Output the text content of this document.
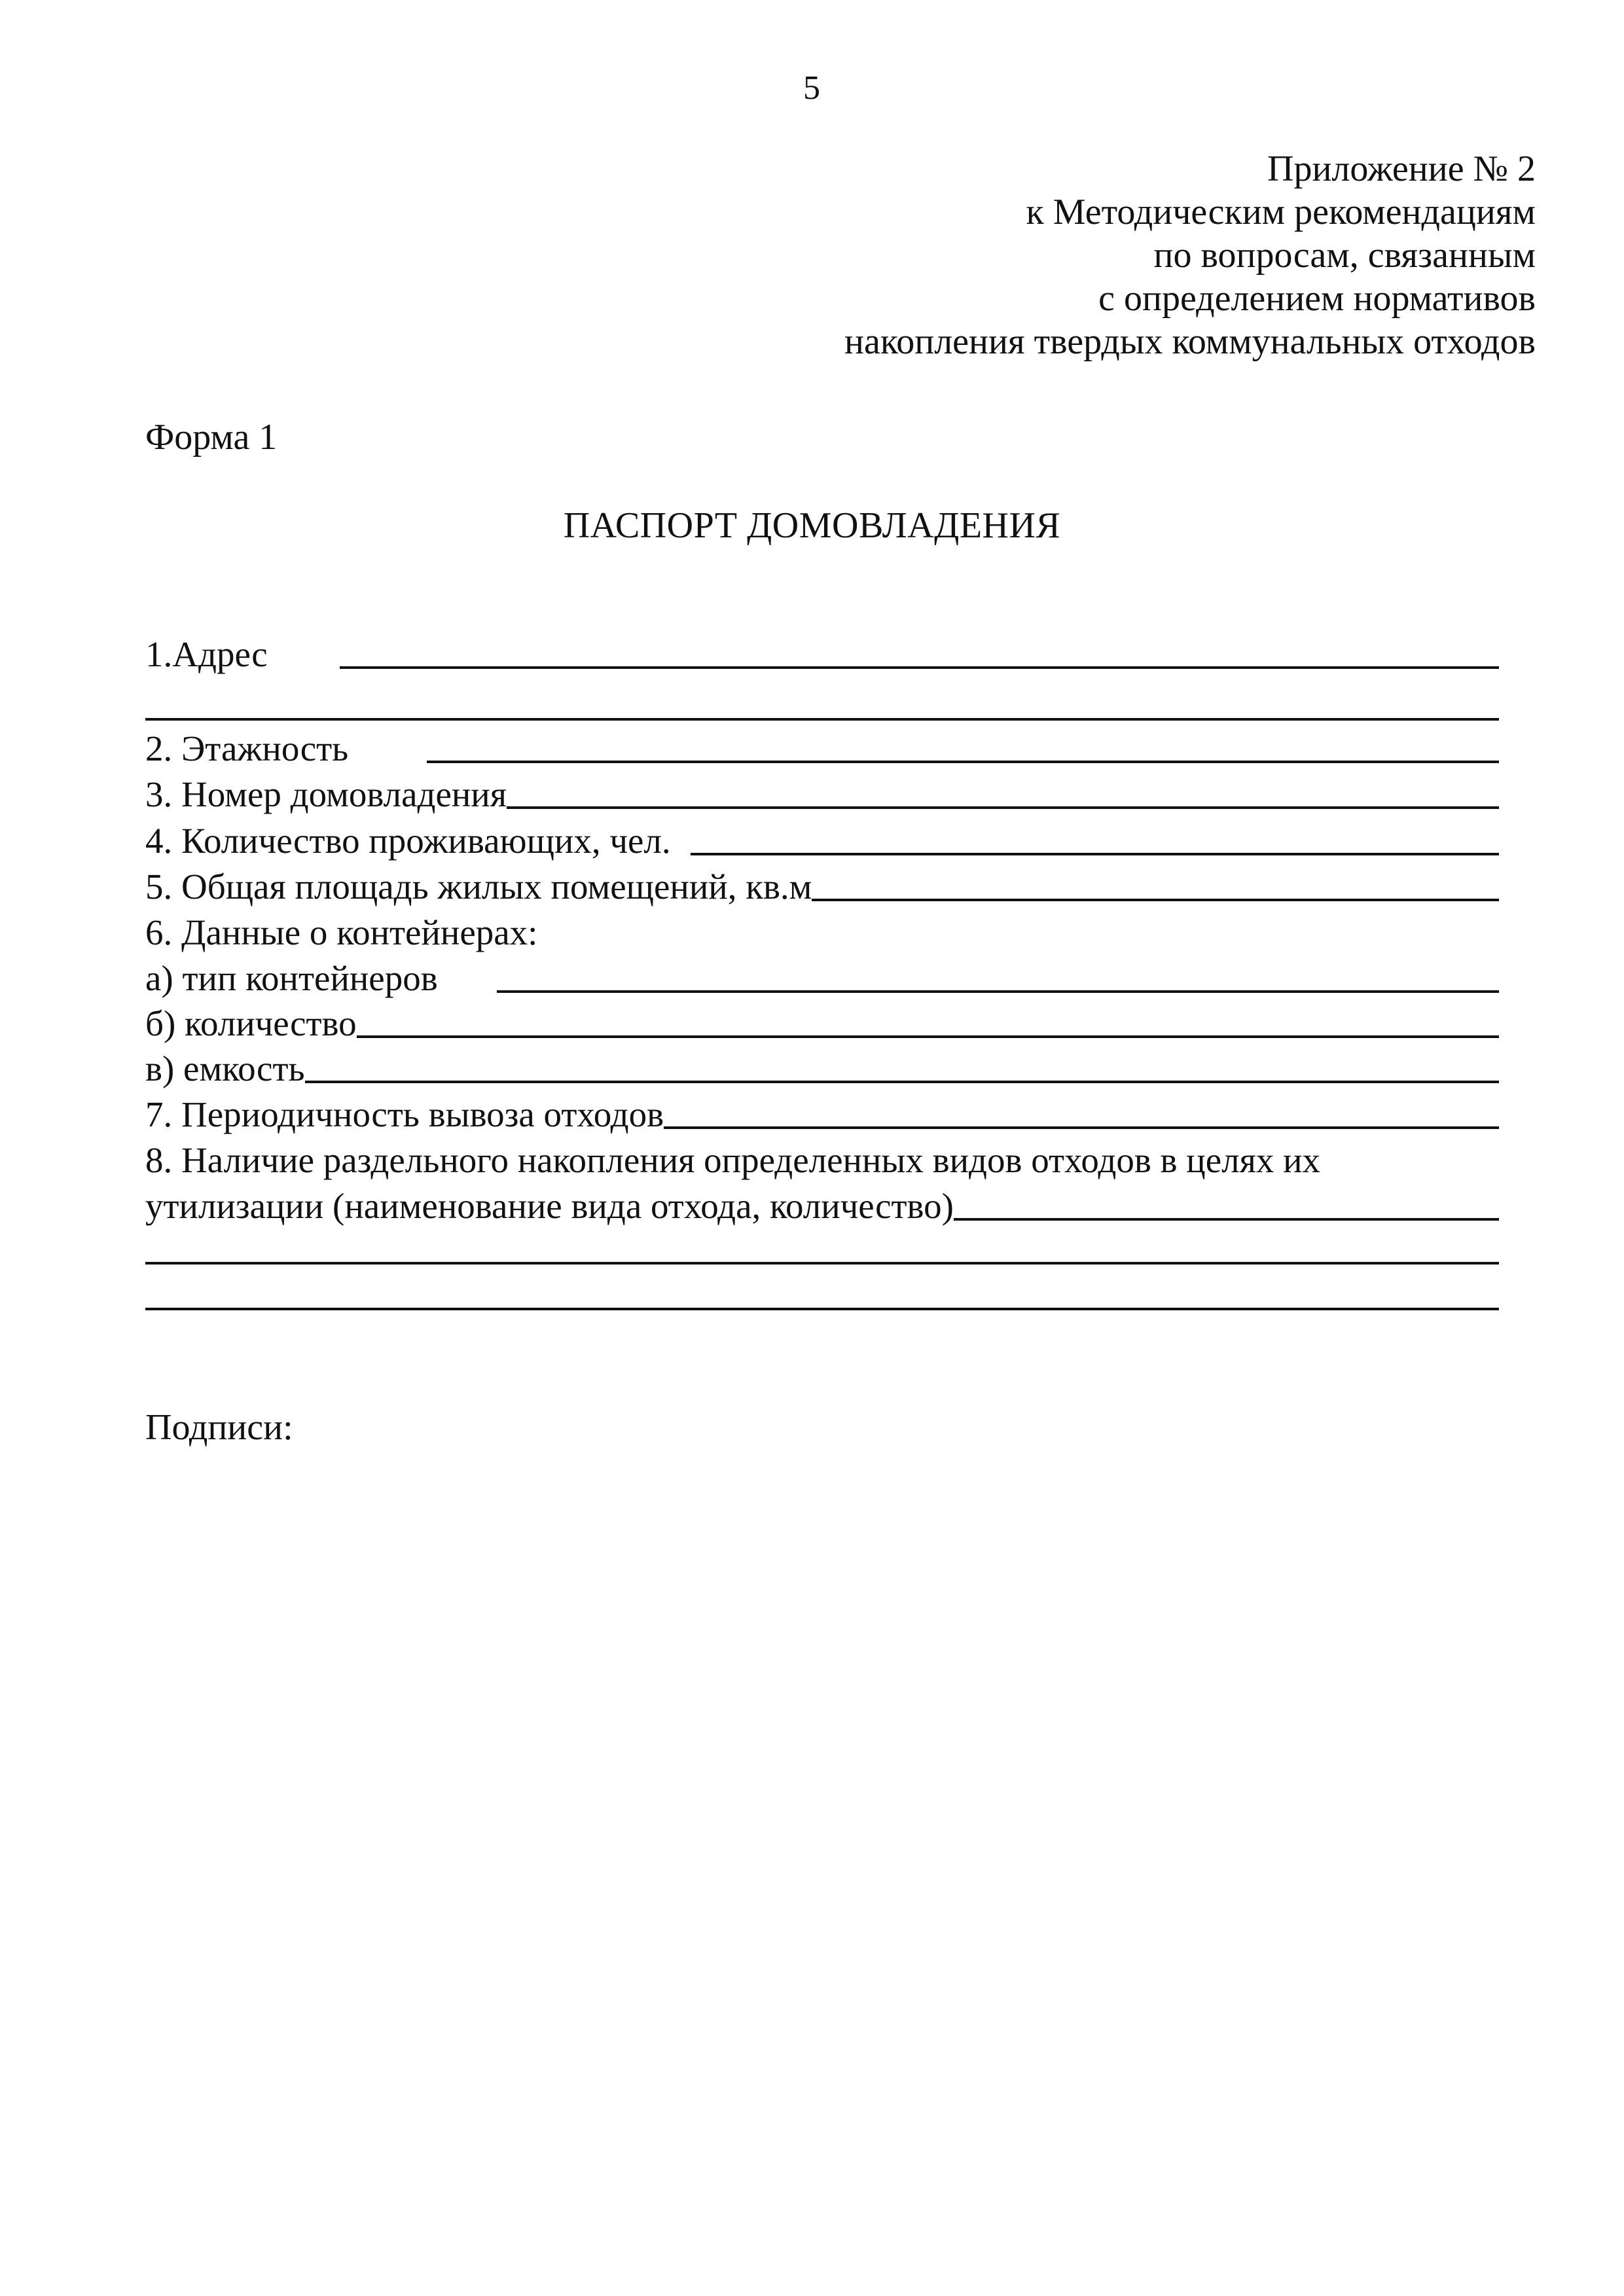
5
Приложение № 2
к Методическим рекомендациям
по вопросам, связанным
с определением нормативов
накопления твердых коммунальных отходов
Форма 1
ПАСПОРТ ДОМОВЛАДЕНИЯ
1.Адрес
2. Этажность
3. Номер домовладения
4. Количество проживающих, чел.
5. Общая площадь жилых помещений, кв.м
6. Данные о контейнерах:
а) тип контейнеров
б) количество
в) емкость
7. Периодичность вывоза отходов
8. Наличие раздельного накопления определенных видов отходов в целях их
утилизации (наименование вида отхода, количество)
Подписи:
